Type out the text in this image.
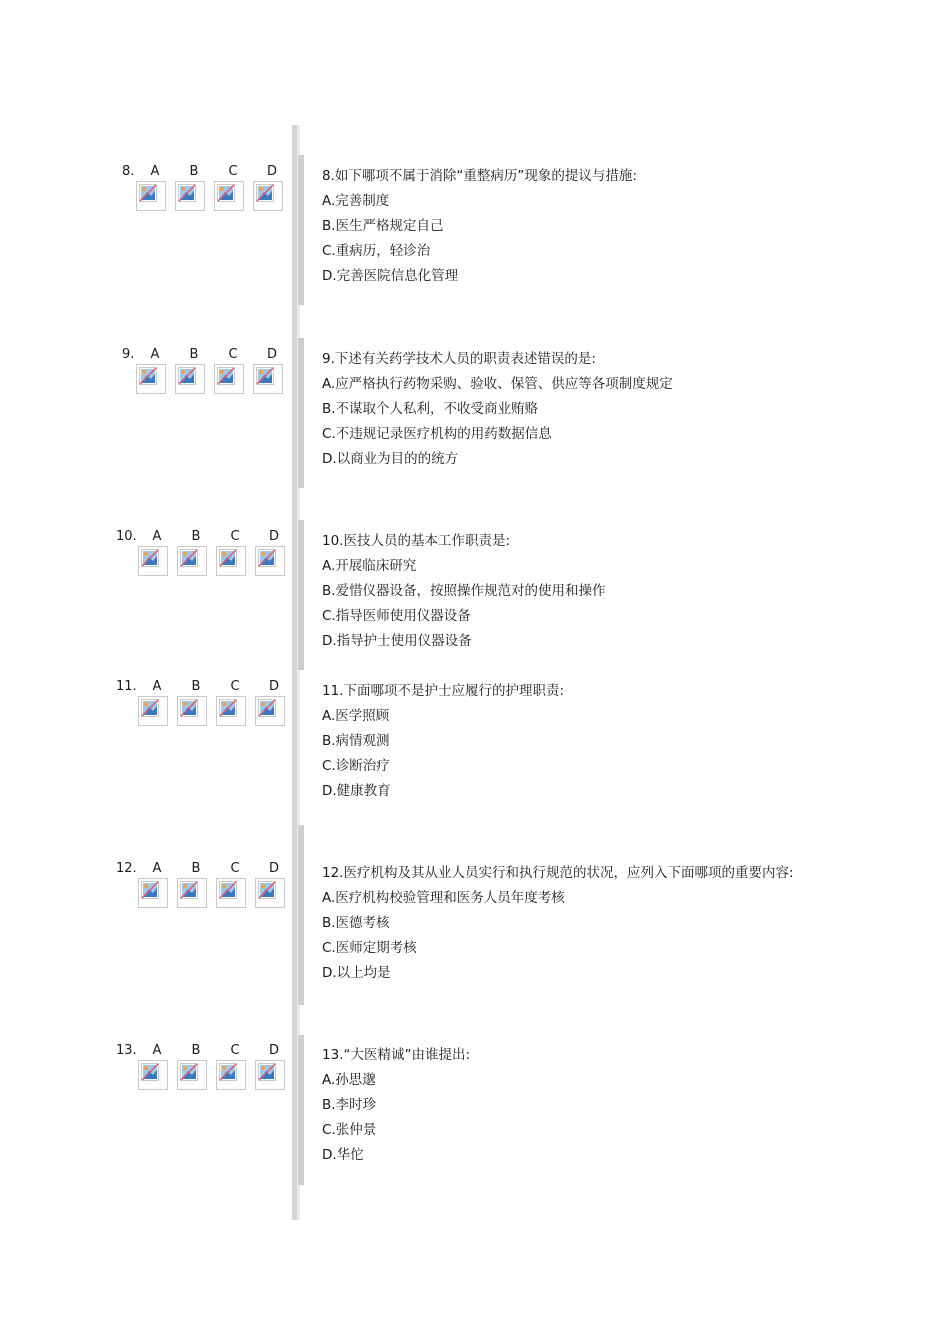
8.	A	B	C	D	8.如下哪项不属于消除“重整病历”现象的提议与措施:
A.完善制度
B.医生严格规定自己
C.重病历，轻诊治
D.完善医院信息化管理
9.	A	B	C	D	9.下述有关药学技术人员的职责表述错误的是:
A.应严格执行药物采购、验收、保管、供应等各项制度规定
B.不谋取个人私利，不收受商业贿赂
C.不违规记录医疗机构的用药数据信息
D.以商业为目的的统方
10.	A	B	C	D	10.医技人员的基本工作职责是:
A.开展临床研究
B.爱惜仪器设备，按照操作规范对的使用和操作
C.指导医师使用仪器设备
D.指导护士使用仪器设备
11.	A	B	C	D	11.下面哪项不是护士应履行的护理职责:
A.医学照顾
B.病情观测
C.诊断治疗
D.健康教育
12.	A	B	C	D	12.医疗机构及其从业人员实行和执行规范的状况，应列入下面哪项的重要内容:
A.医疗机构校验管理和医务人员年度考核
B.医德考核
C.医师定期考核
D.以上均是
13.	A	B	C	D	13.“大医精诚”由谁提出:
A.孙思邈
B.李时珍
C.张仲景
D.华佗
